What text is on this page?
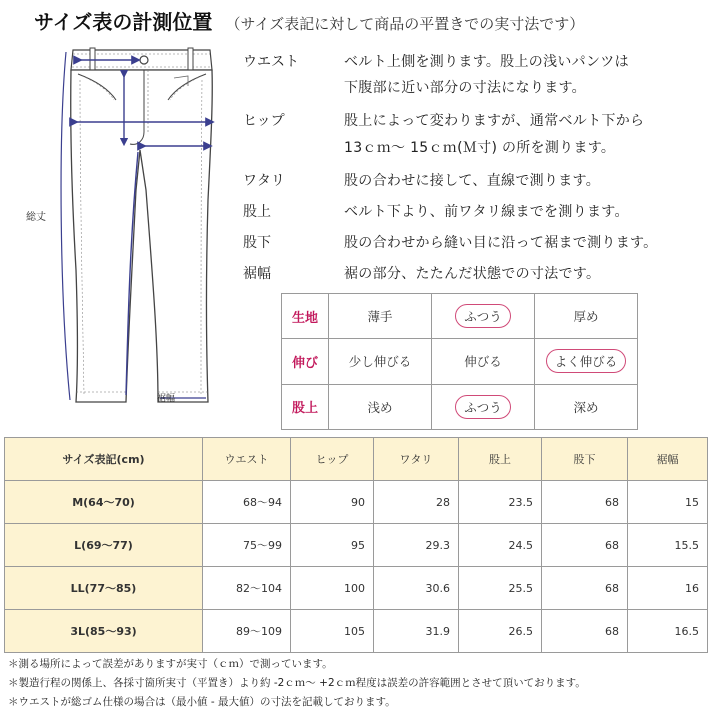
サイズ表の計測位置 （サイズ表記に対して商品の平置きでの実寸法です）
ウエスト	ベルト上側を測ります。股上の浅いパンツは
下腹部に近い部分の寸法になります。
ヒップ	股上によって変わりますが、通常ベルト下から
13ｃｍ～ 15ｃｍ(Ｍ寸) の所を測ります。
ワタリ	股の合わせに接して、直線で測ります。
股上	ベルト下より、前ワタリ線までを測ります。
股下	股の合わせから縫い目に沿って裾まで測ります。
裾幅	裾の部分、たたんだ状態での寸法です。
総丈
裾幅
生地	薄手	ふつう	厚め
伸び	少し伸びる	伸びる	よく伸びる
股上	浅め	ふつう	深め
サイズ表記(cm)	ウエスト	ヒップ	ワタリ	股上	股下	裾幅
M(64～70)	68～94	90	28	23.5	68	15
L(69～77)	75～99	95	29.3	24.5	68	15.5
LL(77～85)	82～104	100	30.6	25.5	68	16
3L(85～93)	89～109	105	31.9	26.5	68	16.5
＊測る場所によって誤差がありますが実寸（ｃｍ）で測っています。
＊製造行程の関係上、各採寸箇所実寸（平置き）より約 -2ｃｍ～ +2ｃｍ程度は誤差の許容範囲とさせて頂いております。
＊ウエストが総ゴム仕様の場合は（最小値 - 最大値）の寸法を記載しております。
